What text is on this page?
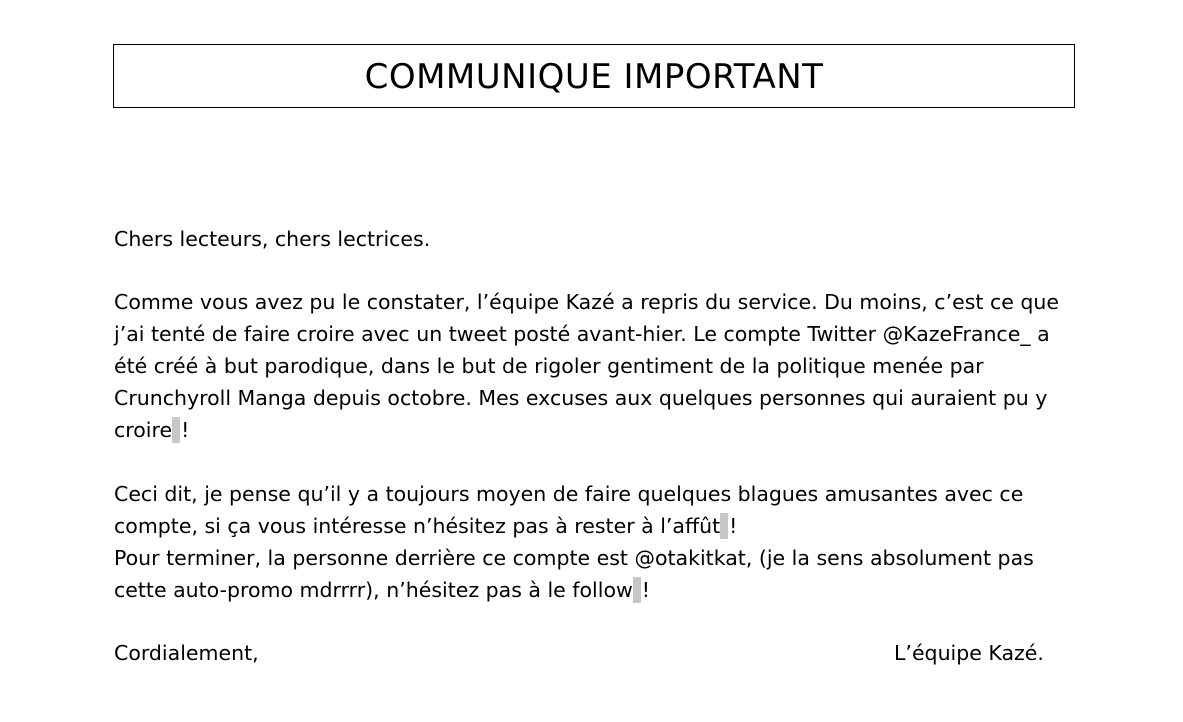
COMMUNIQUE IMPORTANT
Chers lecteurs, chers lectrices.
Comme vous avez pu le constater, l’équipe Kazé a repris du service. Du moins, c’est ce que
j’ai tenté de faire croire avec un tweet posté avant-hier. Le compte Twitter @KazeFrance_ a
été créé à but parodique, dans le but de rigoler gentiment de la politique menée par
Crunchyroll Manga depuis octobre. Mes excuses aux quelques personnes qui auraient pu y
croire !
Ceci dit, je pense qu’il y a toujours moyen de faire quelques blagues amusantes avec ce
compte, si ça vous intéresse n’hésitez pas à rester à l’affût !
Pour terminer, la personne derrière ce compte est @otakitkat, (je la sens absolument pas
cette auto-promo mdrrrr), n’hésitez pas à le follow !
Cordialement,	L’équipe Kazé.
